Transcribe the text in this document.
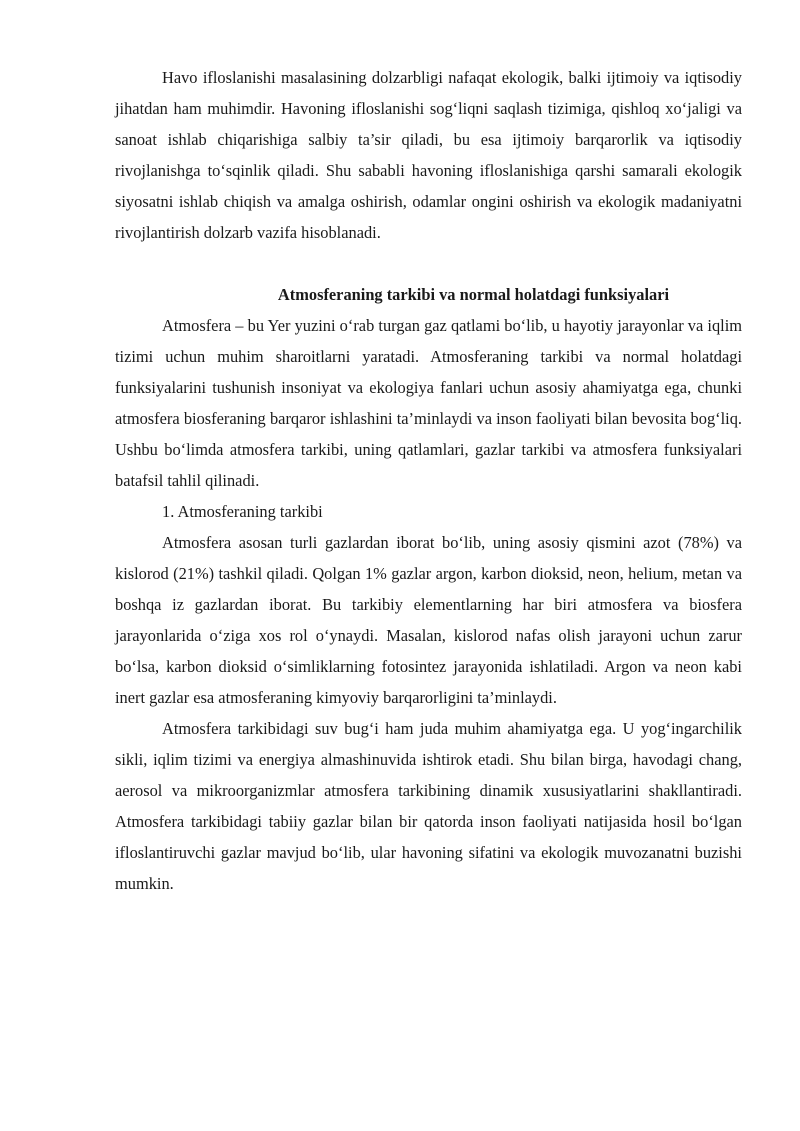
Havo ifloslanishi masalasining dolzarbligi nafaqat ekologik, balki ijtimoiy va iqtisodiy jihatdan ham muhimdir. Havoning ifloslanishi sog‘liqni saqlash tizimiga, qishloq xo‘jaligi va sanoat ishlab chiqarishiga salbiy ta’sir qiladi, bu esa ijtimoiy barqarorlik va iqtisodiy rivojlanishga to‘sqinlik qiladi. Shu sababli havoning ifloslanishiga qarshi samarali ekologik siyosatni ishlab chiqish va amalga oshirish, odamlar ongini oshirish va ekologik madaniyatni rivojlantirish dolzarb vazifa hisoblanadi.

Atmosferaning tarkibi va normal holatdagi funksiyalari

Atmosfera – bu Yer yuzini o‘rab turgan gaz qatlami bo‘lib, u hayotiy jarayonlar va iqlim tizimi uchun muhim sharoitlarni yaratadi. Atmosferaning tarkibi va normal holatdagi funksiyalarini tushunish insoniyat va ekologiya fanlari uchun asosiy ahamiyatga ega, chunki atmosfera biosferaning barqaror ishlashini ta’minlaydi va inson faoliyati bilan bevosita bog‘liq. Ushbu bo‘limda atmosfera tarkibi, uning qatlamlari, gazlar tarkibi va atmosfera funksiyalari batafsil tahlil qilinadi.

1. Atmosferaning tarkibi

Atmosfera asosan turli gazlardan iborat bo‘lib, uning asosiy qismini azot (78%) va kislorod (21%) tashkil qiladi. Qolgan 1% gazlar argon, karbon dioksid, neon, helium, metan va boshqa iz gazlardan iborat. Bu tarkibiy elementlarning har biri atmosfera va biosfera jarayonlarida o‘ziga xos rol o‘ynaydi. Masalan, kislorod nafas olish jarayoni uchun zarur bo‘lsa, karbon dioksid o‘simliklarning fotosintez jarayonida ishlatiladi. Argon va neon kabi inert gazlar esa atmosferaning kimyoviy barqarorligini ta’minlaydi.

Atmosfera tarkibidagi suv bug‘i ham juda muhim ahamiyatga ega. U yog‘ingarchilik sikli, iqlim tizimi va energiya almashinuvida ishtirok etadi. Shu bilan birga, havodagi chang, aerosol va mikroorganizmlar atmosfera tarkibining dinamik xususiyatlarini shakllantiradi. Atmosfera tarkibidagi tabiiy gazlar bilan bir qatorda inson faoliyati natijasida hosil bo‘lgan ifloslantiruvchi gazlar mavjud bo‘lib, ular havoning sifatini va ekologik muvozanatni buzishi mumkin.
